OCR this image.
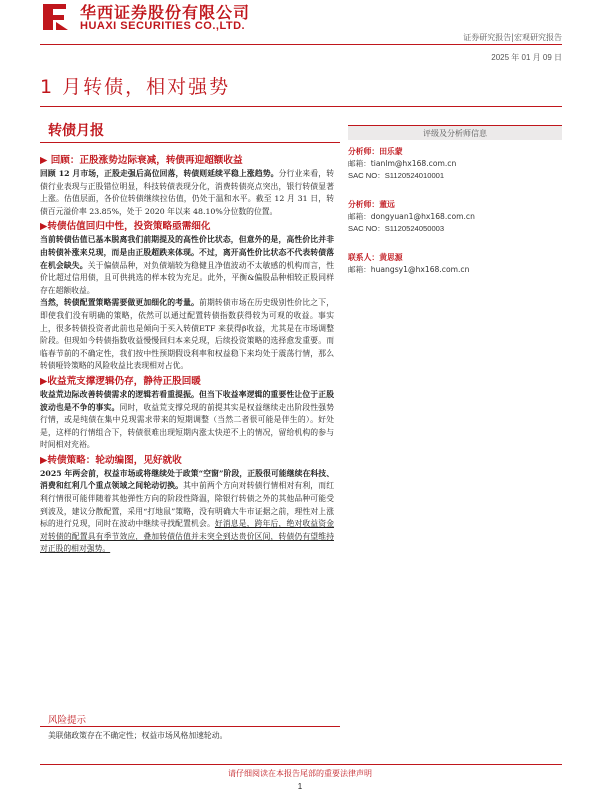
华西证券股份有限公司
HUAXI SECURITIES CO.,LTD.
证券研究报告|宏观研究报告
2025 年 01 月 09 日
1 月转债，相对强势
转债月报
▶ 回顾：正股涨势边际衰减，转债再迎超额收益

回顾 12 月市场，正股走强后高位回落，转债则延续平稳上涨趋势。分行业来看，转债行业表现与正股错位明显，科技转债表现分化，消费转债亮点突出，银行转债显著上涨。估值层面，各价位转债继续拉估值，仍处于温和水平。截至 12 月 31 日，转债百元溢价率 23.85%，处于 2020 年以来 48.10%分位数的位置。

▶转债估值回归中性，投资策略亟需细化

当前转债估值已基本脱离我们前期提及的高性价比状态，但意外的是，高性价比并非由转债补涨来兑现，而是由正股超跌来体现。不过，离开高性价比状态不代表转债落在机会缺失。关于偏债品种，对负债端较为稳健且净值波动不太敏感的机构而言，性价比超过信用债，且可供挑选的样本较为充足。此外，平衡&偏股品种相较正股同样存在超额收益。

当然，转债配置策略需要做更加细化的考量。前期转债市场在历史级别性价比之下，即使我们没有明确的策略，依然可以通过配置转债指数获得较为可观的收益。事实上，很多转债投资者此前也是倾向于买入转债ETF 来获得β收益，尤其是在市场调整阶段。但现如今转债指数收益慢慢回归本来兑现，后续投资策略的选择愈发重要。而临春节前的不确定性，我们按中性预期假设利率和权益稳下来均处于震荡行情，那么转债哑铃策略的风险收益比表现相对占优。

▶收益荒支撑逻辑仍存，静待正股回暖

收益荒边际改善转债需求的逻辑若看重提振。但当下收益率逻辑的重要性让位于正股波动也是不争的事实。同时，收益荒支撑兑现的前提其实是权益继续走出阶段性强势行情，或是纯债在集中兑现需求带来的短期调整（当然二者很可能是伴生的）。好处是，这样的行情组合下，转债很难出现短期内涨太快逆不上的情况，留给机构的参与时间相对充裕。

▶转债策略：轮动编图，见好就收

2025 年两会前，权益市场或将继续处于政策“空窗”阶段，正股很可能继续在科技、消费和红利几个重点领域之间轮动切换。其中前两个方向对转债行情相对有利，而红利行情很可能伴随着其他弹性方向的阶段性降温，除银行转债之外的其他品种可能受到波及，建议分散配置，采用“打地鼠”策略，没有明确大牛市证据之前，理性对上涨标的进行兑现，同时在波动中继续寻找配置机会。好消息是，跨年后，绝对收益资金对转债的配置具有季节效应，叠加转债估值并未突全到达贵价区间，转债仍有望维持对正股的相对强势。

风险提示
美联储政策存在不确定性；权益市场风格加速轮动。
评级及分析师信息
分析师：田乐蒙
邮箱：tianlm@hx168.com.cn
SAC NO：S1120524010001
分析师：董远
邮箱：dongyuan1@hx168.com.cn
SAC NO：S1120524050003
联系人：黄思源
邮箱：huangsy1@hx168.com.cn
请仔细阅读在本报告尾部的重要法律声明
1
